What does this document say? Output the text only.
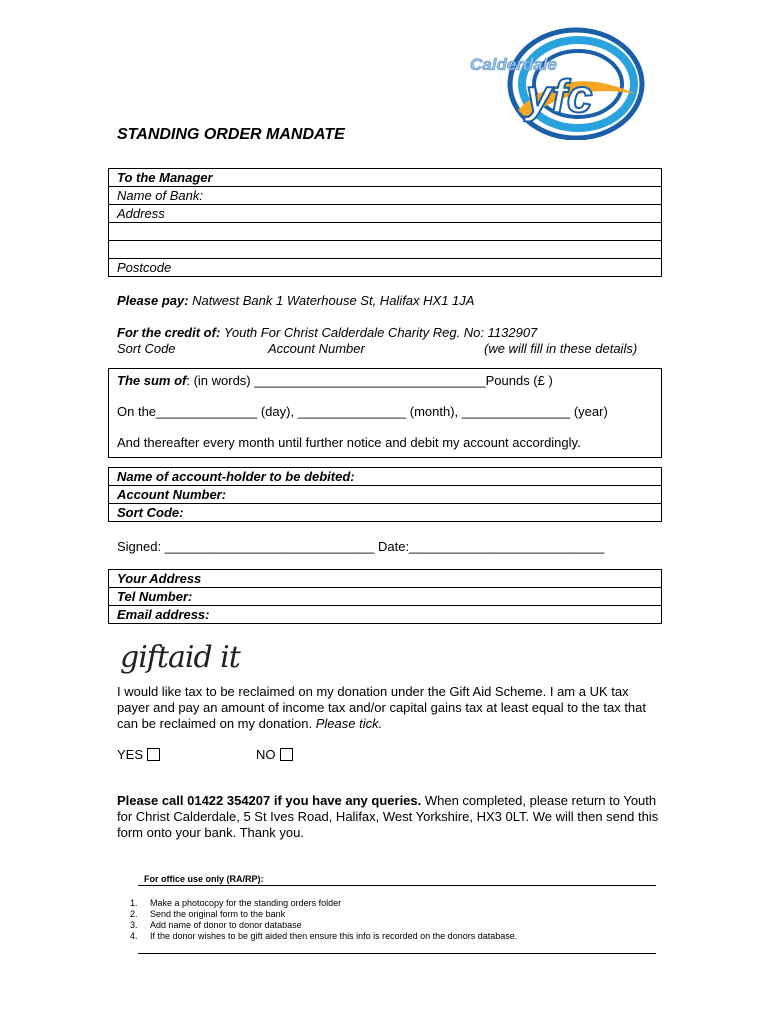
Calderdale
yfc
STANDING ORDER MANDATE
To the Manager
Name of Bank:
Address

Postcode
Please pay: Natwest Bank 1 Waterhouse St, Halifax HX1 1JA
For the credit of: Youth For Christ Calderdale Charity Reg. No: 1132907
Sort Code	Account Number	(we will fill in these details)
The sum of: (in words) ________________________________Pounds (£ )
On the______________ (day), _______________ (month), _______________ (year)
And thereafter every month until further notice and debit my account accordingly.
Name of account-holder to be debited:
Account Number:
Sort Code:
Signed: _____________________________ Date:___________________________
Your Address
Tel Number:
Email address:
giftaid it
I would like tax to be reclaimed on my donation under the Gift Aid Scheme. I am a UK tax payer and pay an amount of income tax and/or capital gains tax at least equal to the tax that can be reclaimed on my donation. Please tick.
YES	NO
Please call 01422 354207 if you have any queries. When completed, please return to Youth for Christ Calderdale, 5 St Ives Road, Halifax, West Yorkshire, HX3 0LT. We will then send this form onto your bank. Thank you.
For office use only (RA/RP):
1. Make a photocopy for the standing orders folder
2. Send the original form to the bank
3. Add name of donor to donor database
4. If the donor wishes to be gift aided then ensure this info is recorded on the donors database.
